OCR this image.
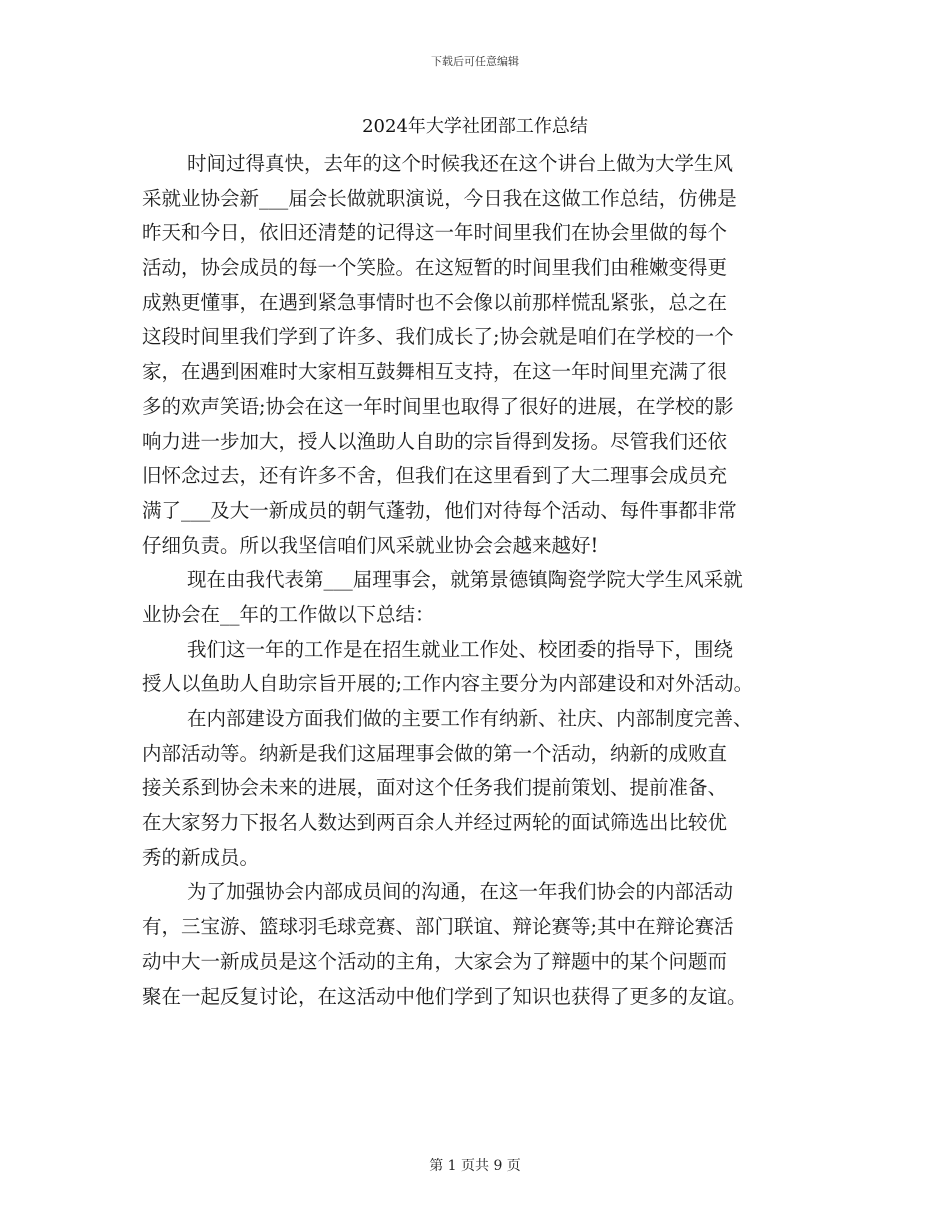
下载后可任意编辑
2024年大学社团部工作总结
时间过得真快，去年的这个时候我还在这个讲台上做为大学生风
采就业协会新___届会长做就职演说，今日我在这做工作总结，仿佛是
昨天和今日，依旧还清楚的记得这一年时间里我们在协会里做的每个
活动，协会成员的每一个笑脸。在这短暂的时间里我们由稚嫩变得更
成熟更懂事，在遇到紧急事情时也不会像以前那样慌乱紧张，总之在
这段时间里我们学到了许多、我们成长了;协会就是咱们在学校的一个
家，在遇到困难时大家相互鼓舞相互支持，在这一年时间里充满了很
多的欢声笑语;协会在这一年时间里也取得了很好的进展，在学校的影
响力进一步加大，授人以渔助人自助的宗旨得到发扬。尽管我们还依
旧怀念过去，还有许多不舍，但我们在这里看到了大二理事会成员充
满了___及大一新成员的朝气蓬勃，他们对待每个活动、每件事都非常
仔细负责。所以我坚信咱们风采就业协会会越来越好!
现在由我代表第___届理事会，就第景德镇陶瓷学院大学生风采就
业协会在__年的工作做以下总结：
我们这一年的工作是在招生就业工作处、校团委的指导下，围绕
授人以鱼助人自助宗旨开展的;工作内容主要分为内部建设和对外活动。
在内部建设方面我们做的主要工作有纳新、社庆、内部制度完善、
内部活动等。纳新是我们这届理事会做的第一个活动，纳新的成败直
接关系到协会未来的进展，面对这个任务我们提前策划、提前准备、
在大家努力下报名人数达到两百余人并经过两轮的面试筛选出比较优
秀的新成员。
为了加强协会内部成员间的沟通，在这一年我们协会的内部活动
有，三宝游、篮球羽毛球竞赛、部门联谊、辩论赛等;其中在辩论赛活
动中大一新成员是这个活动的主角，大家会为了辩题中的某个问题而
聚在一起反复讨论，在这活动中他们学到了知识也获得了更多的友谊。
第 1 页共 9 页
